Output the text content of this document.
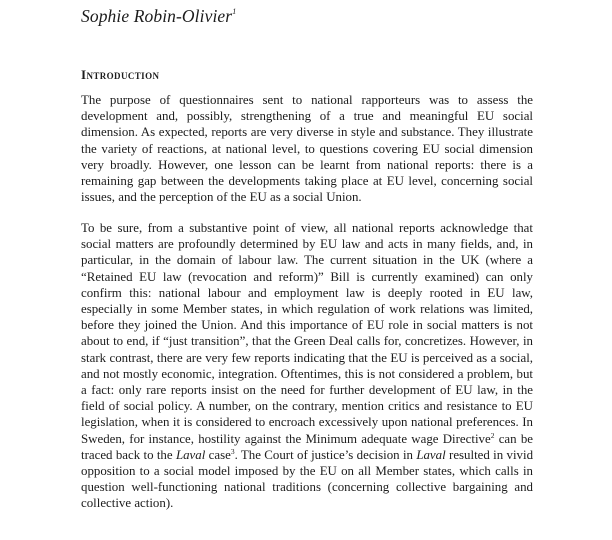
Sophie Robin-Olivier$^1$
Introduction

The purpose of questionnaires sent to national rapporteurs was to assess the development and, possibly, strengthening of a true and meaningful EU social dimension. As expected, reports are very diverse in style and substance. They illustrate the variety of reactions, at national level, to questions covering EU social dimension very broadly. However, one lesson can be learnt from national reports: there is a remaining gap between the developments taking place at EU level, concerning social issues, and the perception of the EU as a social Union.

To be sure, from a substantive point of view, all national reports acknowledge that social matters are profoundly determined by EU law and acts in many fields, and, in particular, in the domain of labour law. The current situation in the UK (where a “Retained EU law (revocation and reform)” Bill is currently examined) can only confirm this: national labour and employment law is deeply rooted in EU law, especially in some Member states, in which regulation of work relations was limited, before they joined the Union. And this importance of EU role in social matters is not about to end, if “just transition”, that the Green Deal calls for, concretizes. However, in stark contrast, there are very few reports indicating that the EU is perceived as a social, and not mostly economic, integration. Oftentimes, this is not considered a problem, but a fact: only rare reports insist on the need for further development of EU law, in the field of social policy. A number, on the contrary, mention critics and resistance to EU legislation, when it is considered to encroach excessively upon national preferences. In Sweden, for instance, hostility against the Minimum adequate wage Directive$^2$ can be traced back to the Laval case$^3$. The Court of justice’s decision in Laval resulted in vivid opposition to a social model imposed by the EU on all Member states, which calls in question well-functioning national traditions (concerning collective bargaining and collective action).
